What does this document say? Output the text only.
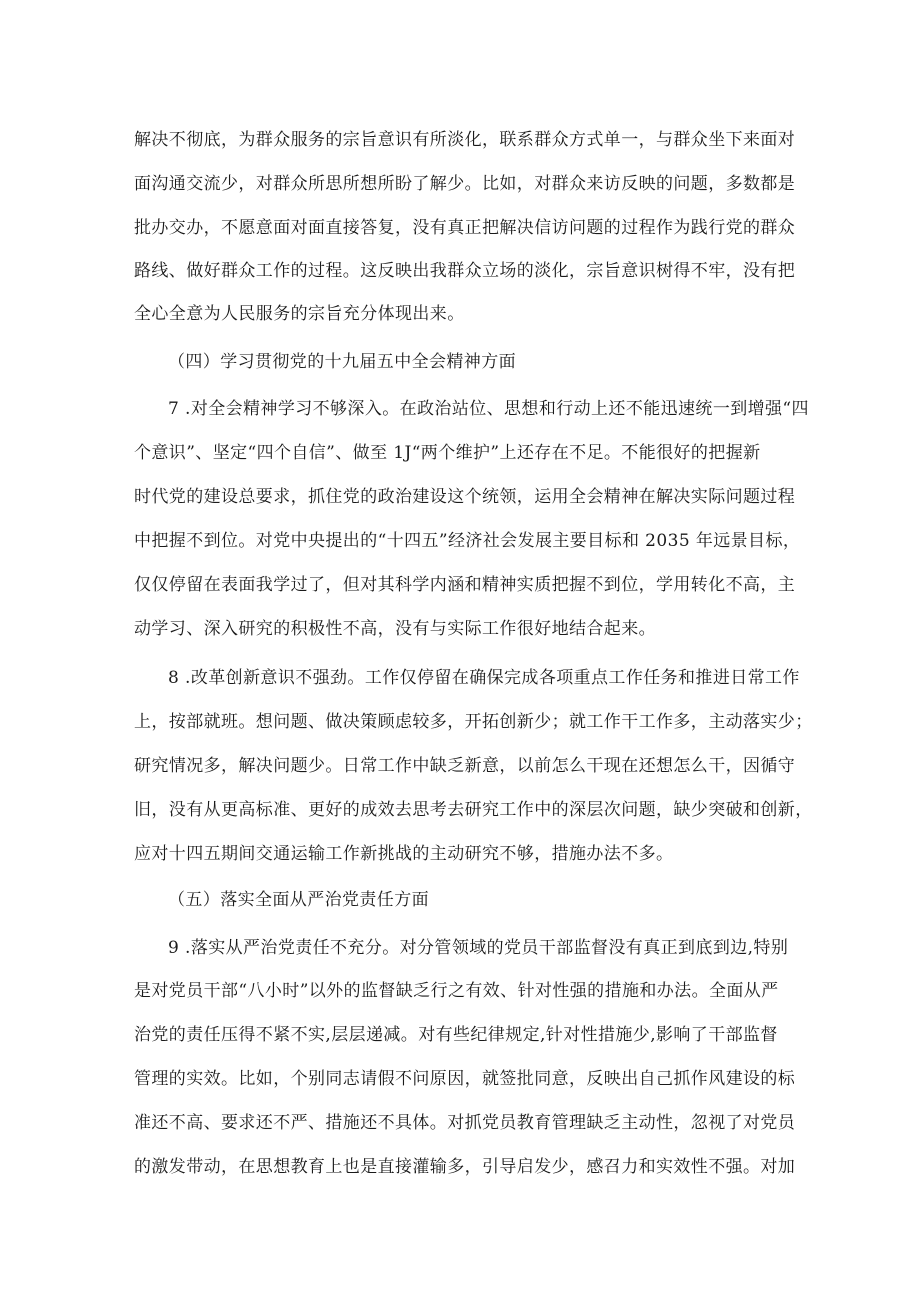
解决不彻底，为群众服务的宗旨意识有所淡化，联系群众方式单一，与群众坐下来面对
面沟通交流少，对群众所思所想所盼了解少。比如，对群众来访反映的问题，多数都是
批办交办，不愿意面对面直接答复，没有真正把解决信访问题的过程作为践行党的群众
路线、做好群众工作的过程。这反映出我群众立场的淡化，宗旨意识树得不牢，没有把
全心全意为人民服务的宗旨充分体现出来。
（四）学习贯彻党的十九届五中全会精神方面
7 .对全会精神学习不够深入。在政治站位、思想和行动上还不能迅速统一到增强“四
个意识”、坚定“四个自信”、做至 1J“两个维护”上还存在不足。不能很好的把握新
时代党的建设总要求，抓住党的政治建设这个统领，运用全会精神在解决实际问题过程
中把握不到位。对党中央提出的“十四五”经济社会发展主要目标和 2035 年远景目标，
仅仅停留在表面我学过了，但对其科学内涵和精神实质把握不到位，学用转化不高，主
动学习、深入研究的积极性不高，没有与实际工作很好地结合起来。
8 .改革创新意识不强劲。工作仅停留在确保完成各项重点工作任务和推进日常工作
上，按部就班。想问题、做决策顾虑较多，开拓创新少；就工作干工作多，主动落实少；
研究情况多，解决问题少。日常工作中缺乏新意，以前怎么干现在还想怎么干，因循守
旧，没有从更高标准、更好的成效去思考去研究工作中的深层次问题，缺少突破和创新，
应对十四五期间交通运输工作新挑战的主动研究不够，措施办法不多。
（五）落实全面从严治党责任方面
9 .落实从严治党责任不充分。对分管领域的党员干部监督没有真正到底到边,特别
是对党员干部“八小时”以外的监督缺乏行之有效、针对性强的措施和办法。全面从严
治党的责任压得不紧不实,层层递减。对有些纪律规定,针对性措施少,影响了干部监督
管理的实效。比如，个别同志请假不问原因，就签批同意，反映出自己抓作风建设的标
准还不高、要求还不严、措施还不具体。对抓党员教育管理缺乏主动性，忽视了对党员
的激发带动，在思想教育上也是直接灌输多，引导启发少，感召力和实效性不强。对加
